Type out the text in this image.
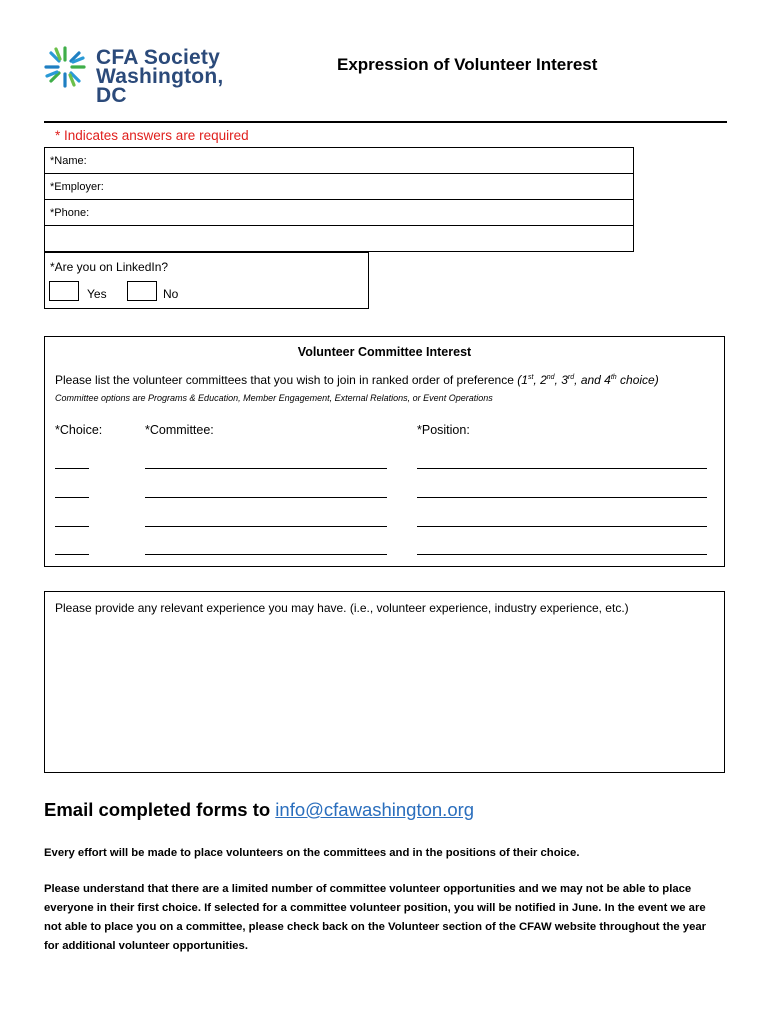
CFA Society
Washington, DC
Expression of Volunteer Interest
* Indicates answers are required
*Name:
*Employer:
*Phone:
*Are you on LinkedIn?
Yes	No
Volunteer Committee Interest
Please list the volunteer committees that you wish to join in ranked order of preference (1st, 2nd, 3rd, and 4th choice)
Committee options are Programs & Education, Member Engagement, External Relations, or Event Operations
*Choice:	*Committee:	*Position:
Please provide any relevant experience you may have. (i.e., volunteer experience, industry experience, etc.)
Email completed forms to info@cfawashington.org
Every effort will be made to place volunteers on the committees and in the positions of their choice.
Please understand that there are a limited number of committee volunteer opportunities and we may not be able to place everyone in their first choice. If selected for a committee volunteer position, you will be notified in June. In the event we are not able to place you on a committee, please check back on the Volunteer section of the CFAW website throughout the year for additional volunteer opportunities.
